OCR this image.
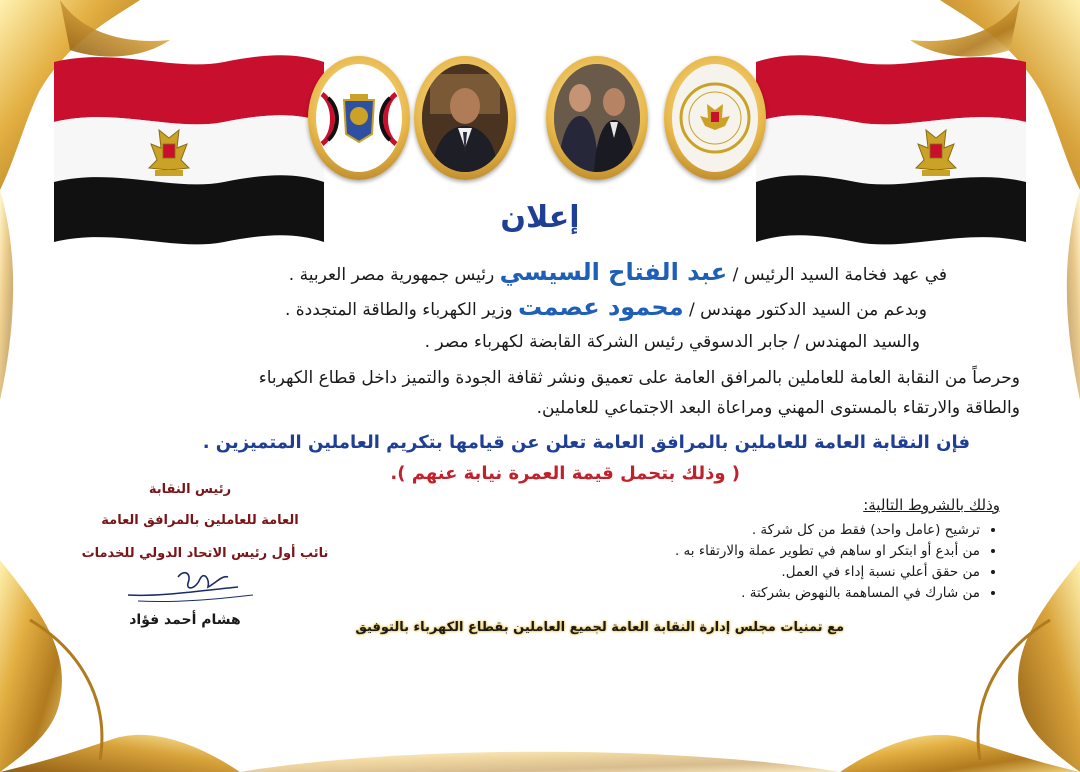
إعلان
في عهد فخامة السيد الرئيس / عبد الفتاح السيسي رئيس جمهورية مصر العربية .
وبدعم من السيد الدكتور مهندس / محمود عصمت وزير الكهرباء والطاقة المتجددة .
والسيد المهندس / جابر الدسوقي رئيس الشركة القابضة لكهرباء مصر .
وحرصاً من النقابة العامة للعاملين بالمرافق العامة على تعميق ونشر ثقافة الجودة والتميز داخل قطاع الكهرباء
والطاقة والارتقاء بالمستوى المهني ومراعاة البعد الاجتماعي للعاملين.
فإن النقابة العامة للعاملين بالمرافق العامة تعلن عن قيامها بتكريم العاملين المتميزين .
( وذلك بتحمل قيمة العمرة نيابة عنهم ).
رئيس النقابة
العامة للعاملين بالمرافق العامة
نائب أول رئيس الاتحاد الدولي للخدمات
هشام أحمد فؤاد
وذلك بالشروط التالية:
• ترشيح (عامل واحد) فقط من كل شركة .
• من أبدع أو ابتكر او ساهم في تطوير عملة والارتقاء به .
• من حقق أعلي نسبة إداء في العمل.
• من شارك في المساهمة بالنهوض بشركتة .
مع تمنيات مجلس إدارة النقابة العامة لجميع العاملين بقطاع الكهرباء بالتوفيق
